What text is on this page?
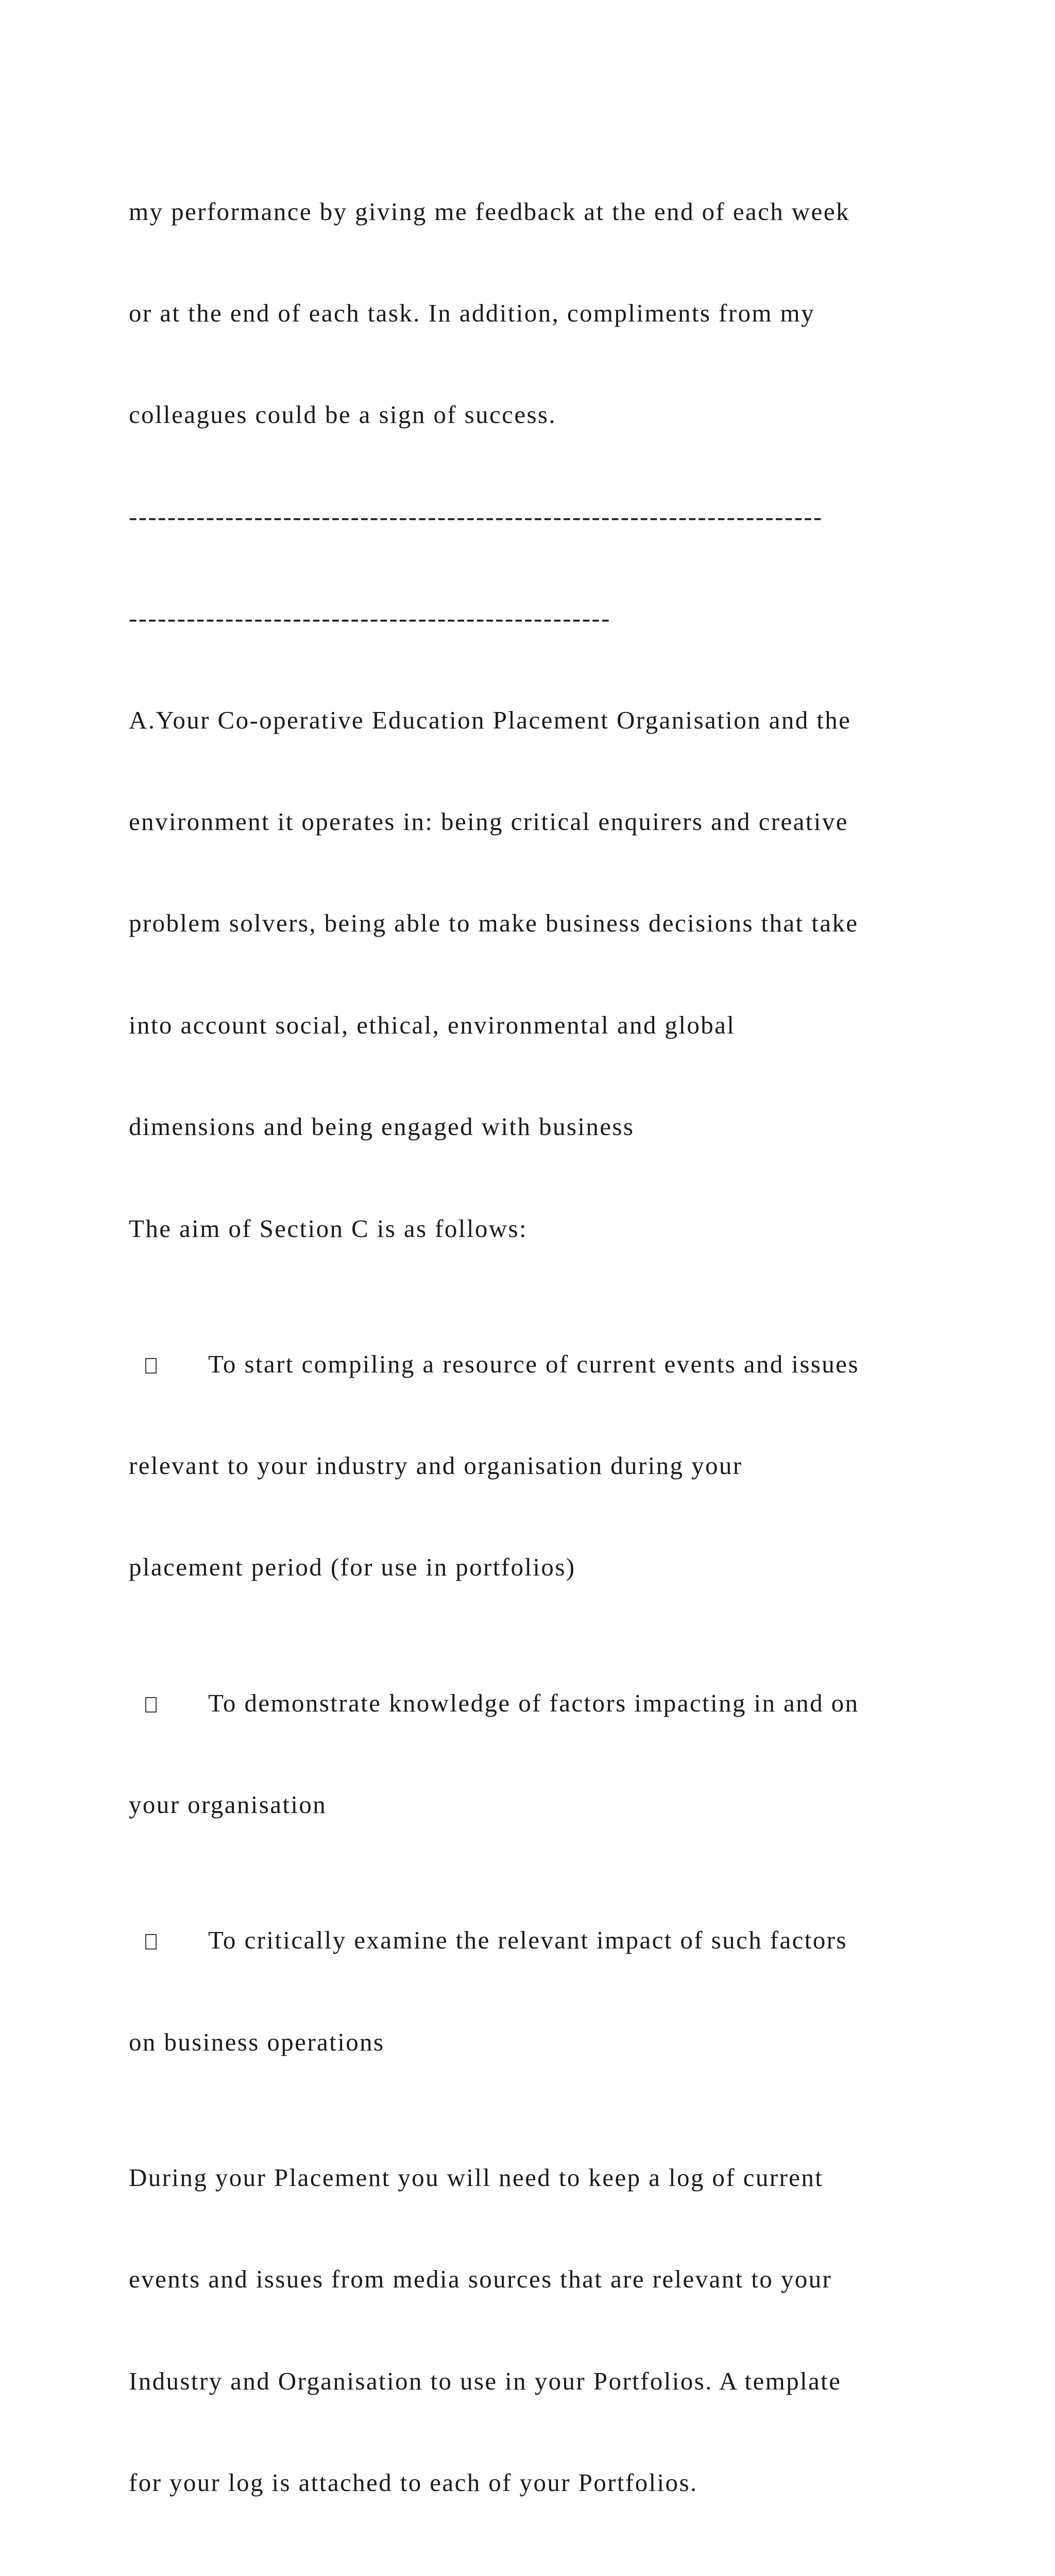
my performance by giving me feedback at the end of each week

or at the end of each task. In addition, compliments from my

colleagues could be a sign of success.

------------------------------------------------------------------------

--------------------------------------------------

A.Your Co-operative Education Placement Organisation and the

environment it operates in: being critical enquirers and creative

problem solvers, being able to make business decisions that take

into account social, ethical, environmental and global

dimensions and being engaged with business

The aim of Section C is as follows:

To start compiling a resource of current events and issues

relevant to your industry and organisation during your

placement period (for use in portfolios)

To demonstrate knowledge of factors impacting in and on

your organisation

To critically examine the relevant impact of such factors

on business operations

During your Placement you will need to keep a log of current

events and issues from media sources that are relevant to your

Industry and Organisation to use in your Portfolios. A template

for your log is attached to each of your Portfolios.
